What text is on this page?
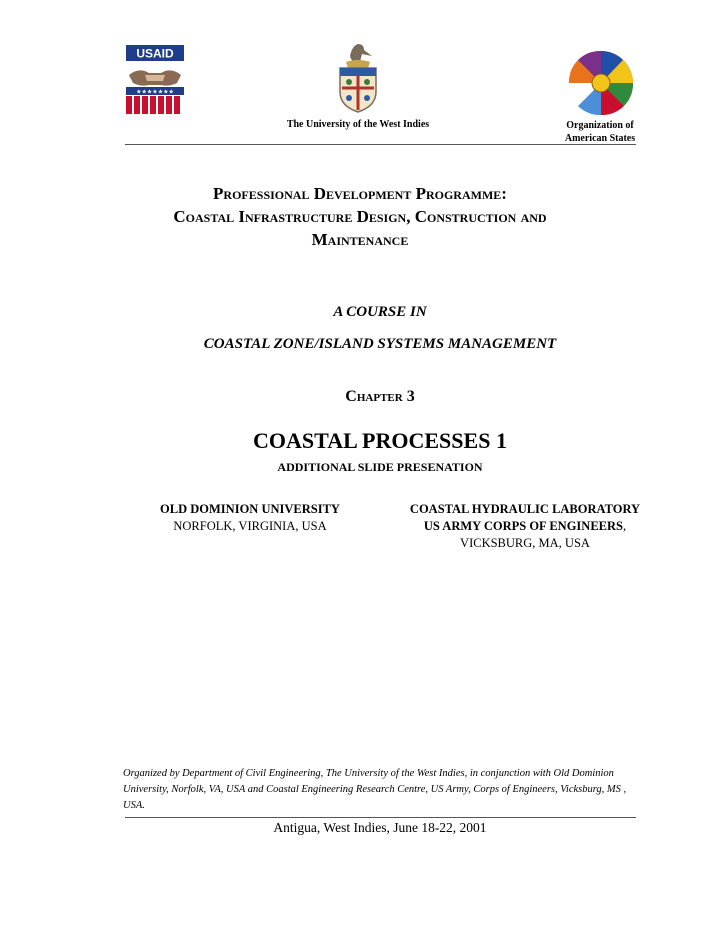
USAID
★★★★★★★
The University of the West Indies	Organization of
American States
Professional Development Programme:
Coastal Infrastructure Design, Construction and
Maintenance
A COURSE IN
COASTAL ZONE/ISLAND SYSTEMS MANAGEMENT
Chapter 3
COASTAL PROCESSES 1
ADDITIONAL SLIDE PRESENATION
OLD DOMINION UNIVERSITY
NORFOLK, VIRGINIA, USA
COASTAL HYDRAULIC LABORATORY
US ARMY CORPS OF ENGINEERS,
VICKSBURG, MA, USA
Organized by Department of Civil Engineering, The University of the West Indies, in conjunction with Old Dominion University, Norfolk, VA, USA and Coastal Engineering Research Centre, US Army, Corps of Engineers, Vicksburg, MS , USA.
Antigua, West Indies, June 18-22, 2001
